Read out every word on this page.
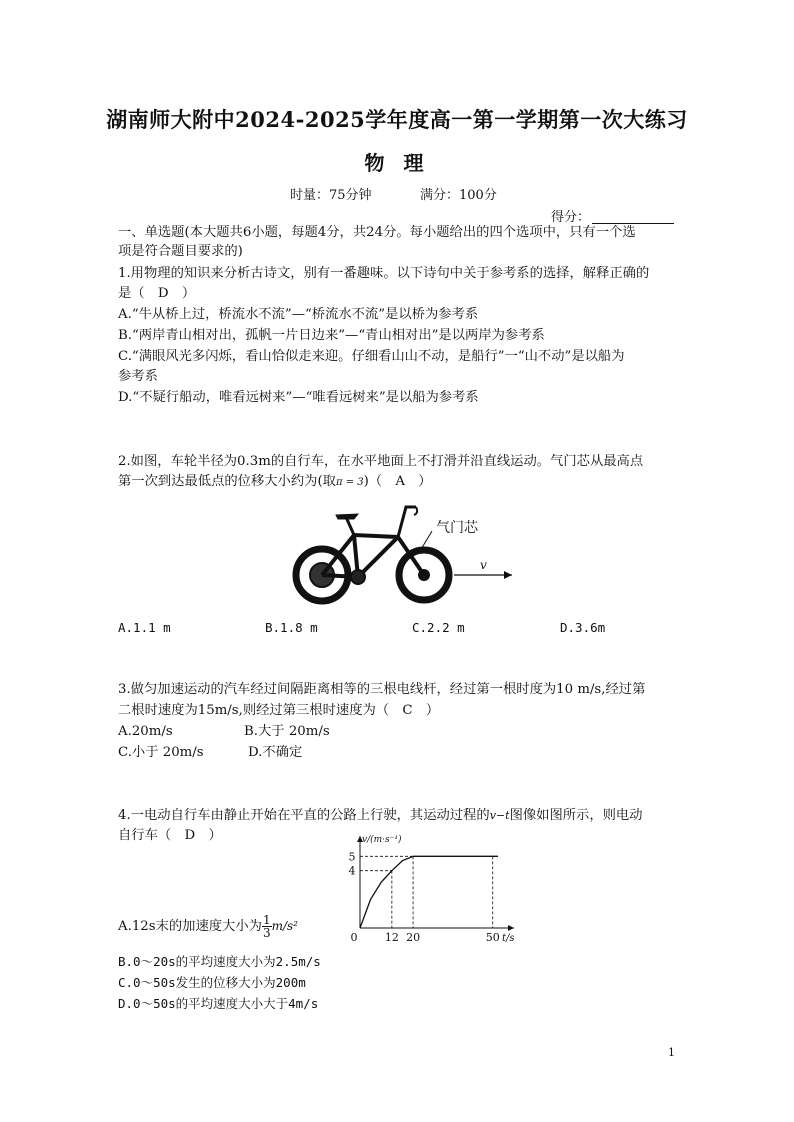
湖南师大附中2024-2025学年度高一第一学期第一次大练习
物 理
时量：75分钟	满分：100分
得分：
一、单选题(本大题共6小题，每题4分，共24分。每小题给出的四个选项中，只有一个选
项是符合题目要求的)
1.用物理的知识来分析古诗文，别有一番趣味。以下诗句中关于参考系的选择，解释正确的
是（　D　）
A.“牛从桥上过，桥流水不流”—“桥流水不流”是以桥为参考系
B.“两岸青山相对出，孤帆一片日边来”—“青山相对出”是以两岸为参考系
C.“满眼风光多闪烁，看山恰似走来迎。仔细看山山不动，是船行”一“山不动”是以船为
参考系
D.“不疑行船动，唯看远树来”—“唯看远树来”是以船为参考系
2.如图，车轮半径为0.3m的自行车，在水平地面上不打滑并沿直线运动。气门芯从最高点
第一次到达最低点的位移大小约为(取π = 3)（　A　）
气门芯
v
A.1.1 m	B.1.8 m	C.2.2 m	D.3.6m
3.做匀加速运动的汽车经过间隔距离相等的三根电线杆，经过第一根时度为10 m/s,经过第
二根时速度为15m/s,则经过第三根时速度为（　C　）
A.20m/s	B.大于 20m/s
C.小于 20m/s	D.不确定
4.一电动自行车由静止开始在平直的公路上行驶，其运动过程的v−t图像如图所示，则电动
自行车（　D　）
0 12 20	50
4
5
v/(m·s⁻¹)
t/s
A.12s末的加速度大小为 $\frac{1}{3} m/s^2$
B.0～20s的平均速度大小为2.5m/s
C.0～50s发生的位移大小为200m
D.0～50s的平均速度大小大于4m/s
1
